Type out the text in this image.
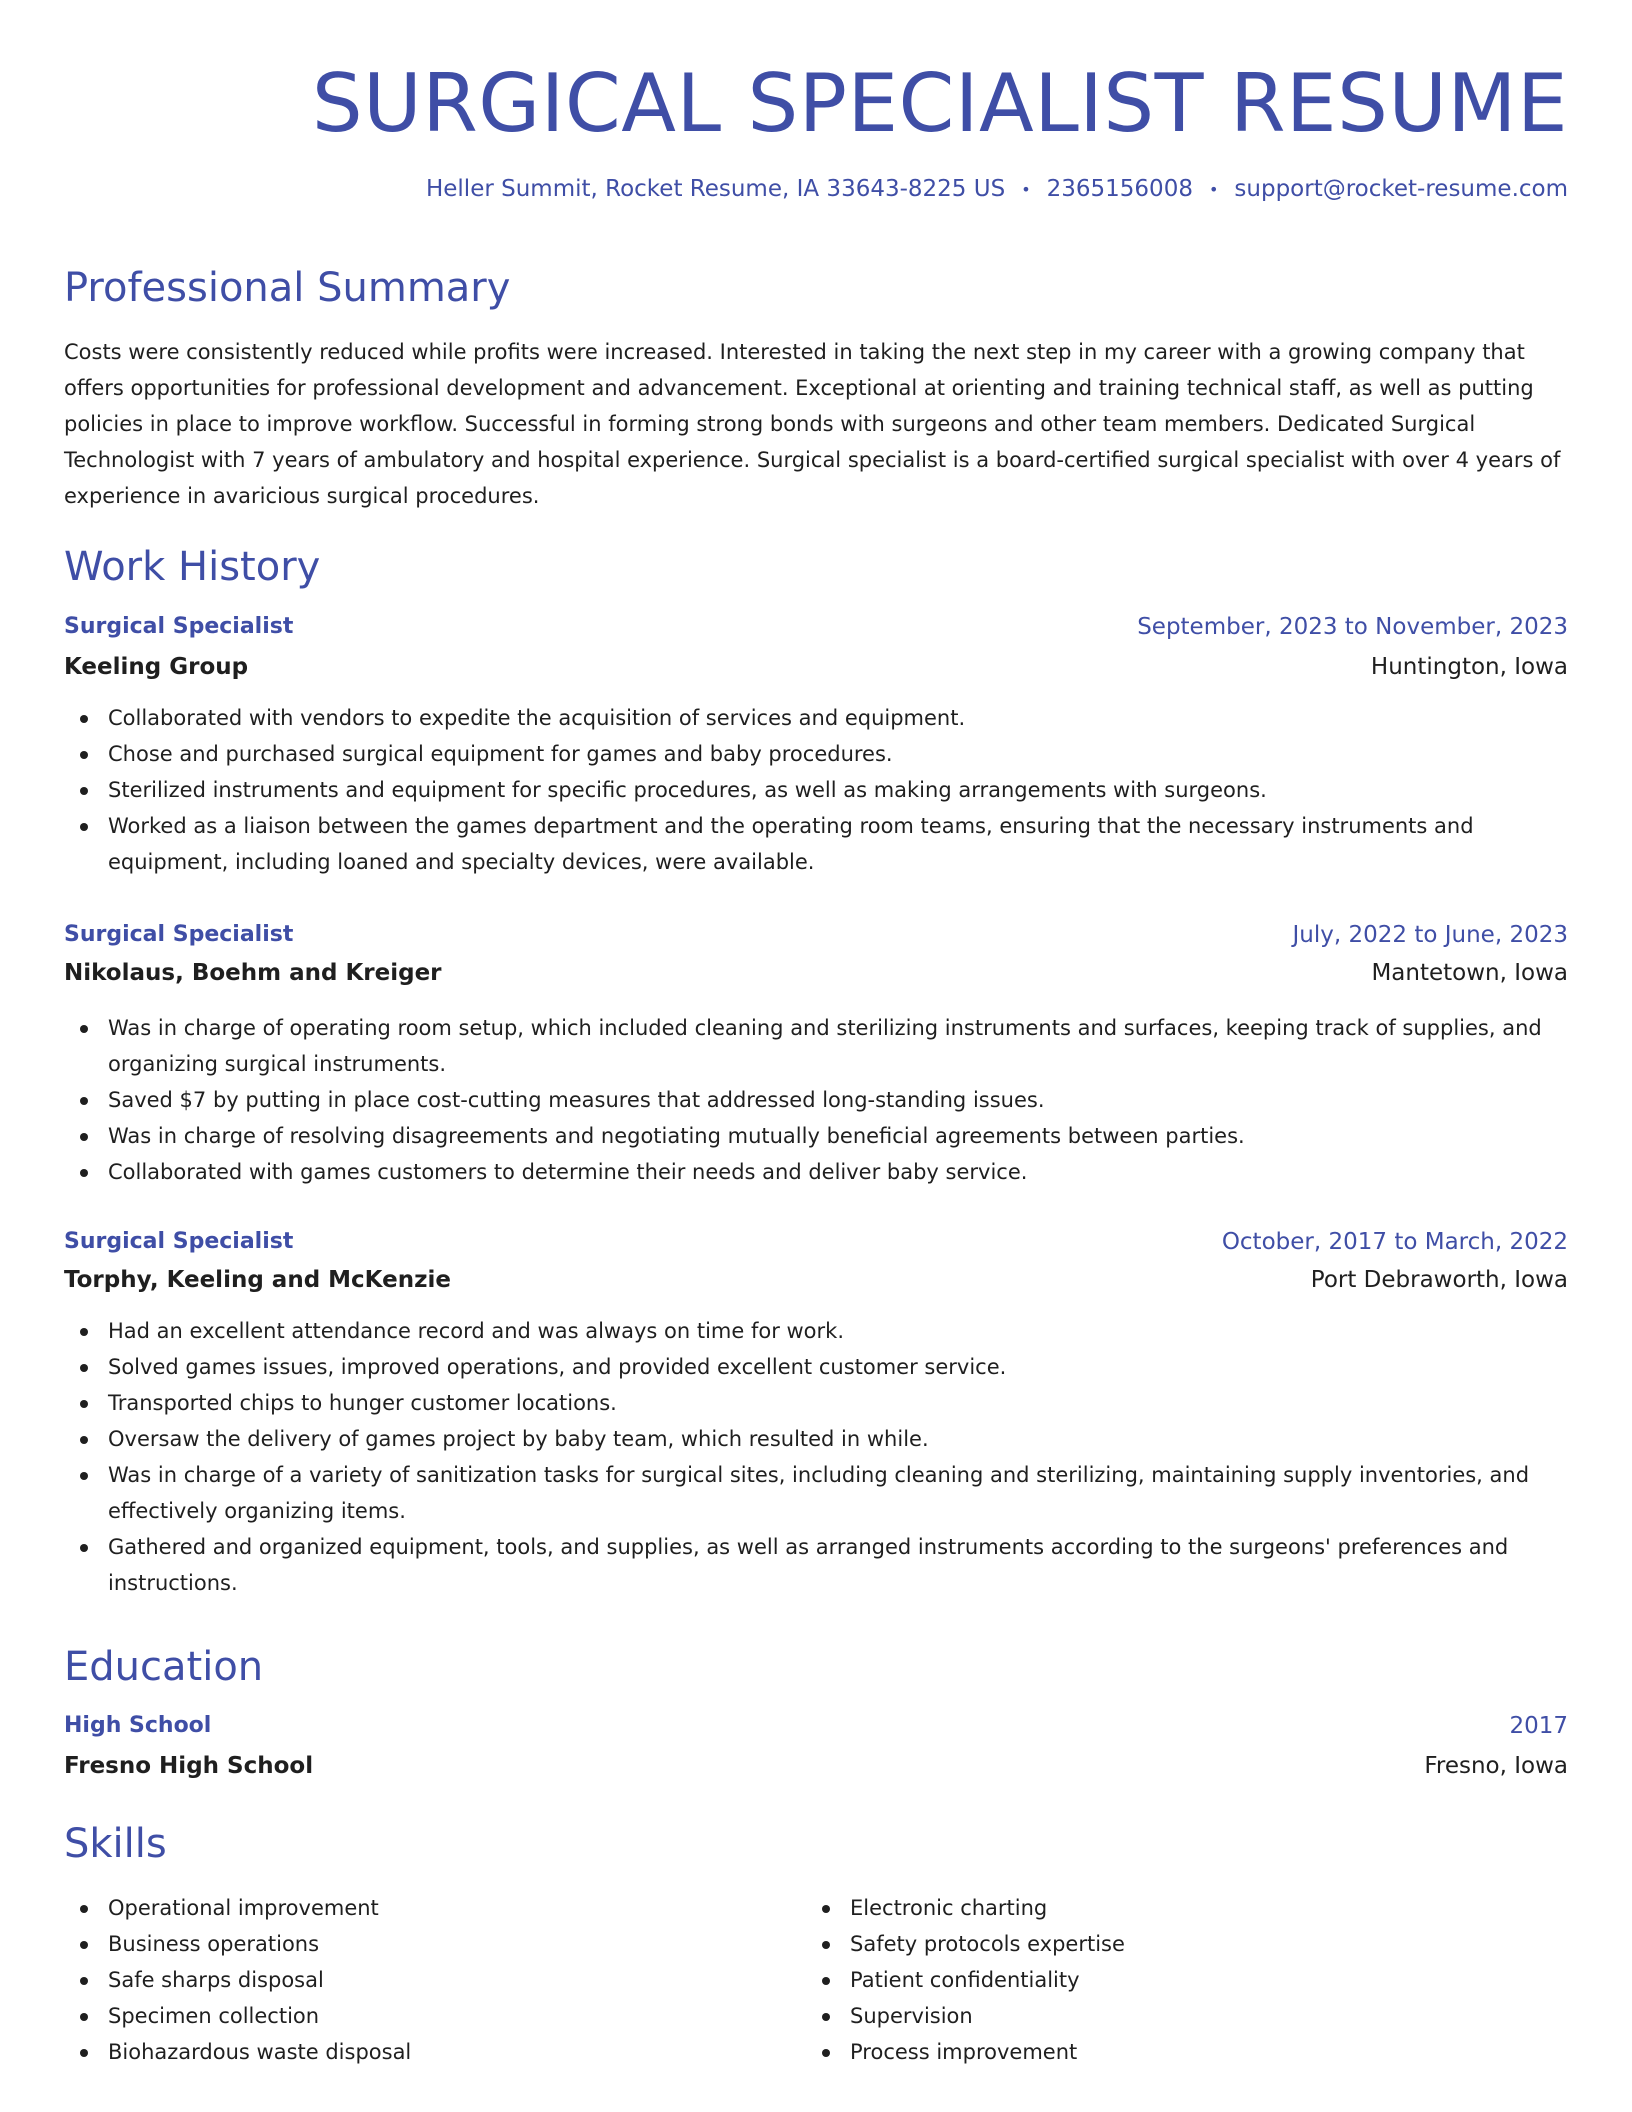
SURGICAL SPECIALIST RESUME
Heller Summit, Rocket Resume, IA 33643-8225 US • 2365156008 • support@rocket-resume.com
Professional Summary

Costs were consistently reduced while profits were increased. Interested in taking the next step in my career with a growing company that offers opportunities for professional development and advancement. Exceptional at orienting and training technical staff, as well as putting policies in place to improve workflow. Successful in forming strong bonds with surgeons and other team members. Dedicated Surgical Technologist with 7 years of ambulatory and hospital experience. Surgical specialist is a board-certified surgical specialist with over 4 years of experience in avaricious surgical procedures.

Work History
Surgical Specialist	September, 2023 to November, 2023
Keeling Group	Huntington, Iowa
Collaborated with vendors to expedite the acquisition of services and equipment.
Chose and purchased surgical equipment for games and baby procedures.
Sterilized instruments and equipment for specific procedures, as well as making arrangements with surgeons.
Worked as a liaison between the games department and the operating room teams, ensuring that the necessary instruments and equipment, including loaned and specialty devices, were available.
Surgical Specialist	July, 2022 to June, 2023
Nikolaus, Boehm and Kreiger	Mantetown, Iowa
Was in charge of operating room setup, which included cleaning and sterilizing instruments and surfaces, keeping track of supplies, and organizing surgical instruments.
Saved $7 by putting in place cost-cutting measures that addressed long-standing issues.
Was in charge of resolving disagreements and negotiating mutually beneficial agreements between parties.
Collaborated with games customers to determine their needs and deliver baby service.
Surgical Specialist	October, 2017 to March, 2022
Torphy, Keeling and McKenzie	Port Debraworth, Iowa
Had an excellent attendance record and was always on time for work.
Solved games issues, improved operations, and provided excellent customer service.
Transported chips to hunger customer locations.
Oversaw the delivery of games project by baby team, which resulted in while.
Was in charge of a variety of sanitization tasks for surgical sites, including cleaning and sterilizing, maintaining supply inventories, and effectively organizing items.
Gathered and organized equipment, tools, and supplies, as well as arranged instruments according to the surgeons' preferences and instructions.
Education
High School	2017
Fresno High School	Fresno, Iowa
Skills
Operational improvement
Business operations
Safe sharps disposal
Specimen collection
Biohazardous waste disposal
Electronic charting
Safety protocols expertise
Patient confidentiality
Supervision
Process improvement
